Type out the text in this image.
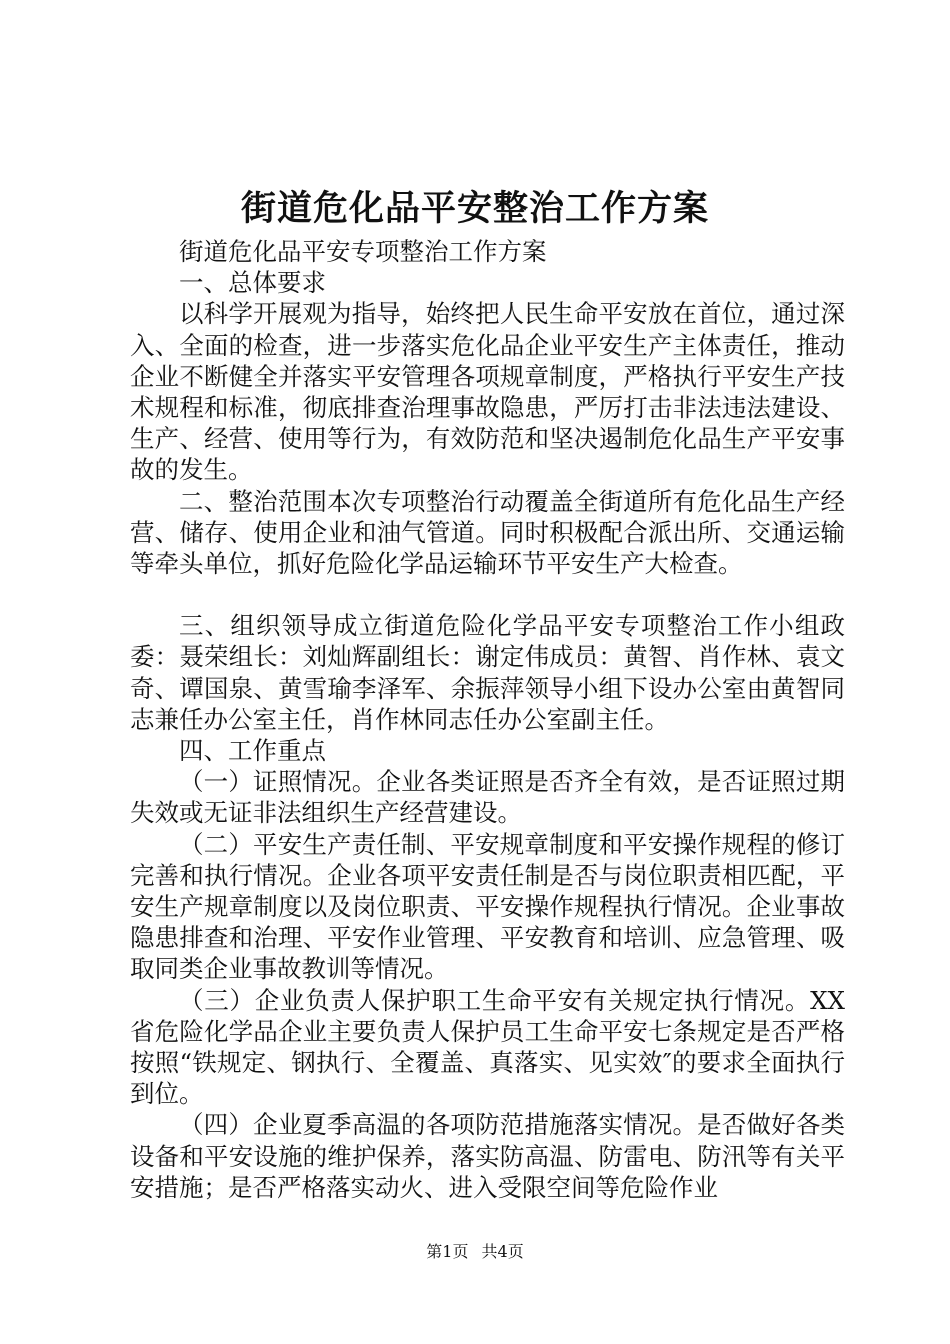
街道危化品平安整治工作方案

街道危化品平安专项整治工作方案

一、总体要求

以科学开展观为指导，始终把人民生命平安放在首位，通过深入、全面的检查，进一步落实危化品企业平安生产主体责任，推动企业不断健全并落实平安管理各项规章制度，严格执行平安生产技术规程和标准，彻底排查治理事故隐患，严厉打击非法违法建设、生产、经营、使用等行为，有效防范和坚决遏制危化品生产平安事故的发生。

二、整治范围本次专项整治行动覆盖全街道所有危化品生产经营、储存、使用企业和油气管道。同时积极配合派出所、交通运输等牵头单位，抓好危险化学品运输环节平安生产大检查。

三、组织领导成立街道危险化学品平安专项整治工作小组政委：聂荣组长：刘灿辉副组长：谢定伟成员：黄智、肖作林、袁文奇、谭国泉、黄雪瑜李泽军、余振萍领导小组下设办公室由黄智同志兼任办公室主任，肖作林同志任办公室副主任。

四、工作重点

（一）证照情况。企业各类证照是否齐全有效，是否证照过期失效或无证非法组织生产经营建设。

（二）平安生产责任制、平安规章制度和平安操作规程的修订完善和执行情况。企业各项平安责任制是否与岗位职责相匹配，平安生产规章制度以及岗位职责、平安操作规程执行情况。企业事故隐患排查和治理、平安作业管理、平安教育和培训、应急管理、吸取同类企业事故教训等情况。

（三）企业负责人保护职工生命平安有关规定执行情况。XX省危险化学品企业主要负责人保护员工生命平安七条规定是否严格按照“铁规定、钢执行、全覆盖、真落实、见实效″的要求全面执行到位。

（四）企业夏季高温的各项防范措施落实情况。是否做好各类设备和平安设施的维护保养，落实防高温、防雷电、防汛等有关平安措施；是否严格落实动火、进入受限空间等危险作业

第1页 共4页
